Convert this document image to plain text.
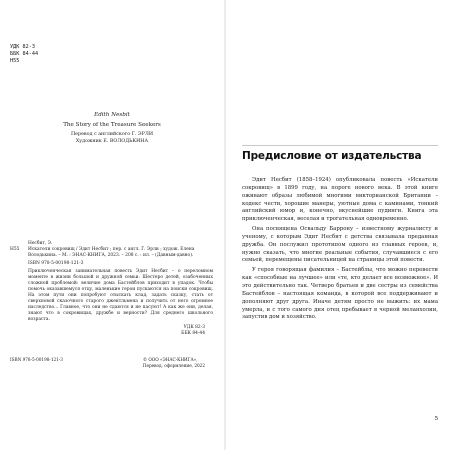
УДК 82-3
ББК 84-44
Н55
Edith Nesbit
The Story of the Treasure Seekers
Перевод с английского Г. ЭРЛИ
Художник Е. ВОЛОДЬКИНА
Несбит, Э.
Н55	Искатели сокровищ / Эдит Несбит ; пер. с англ. Г. Эрли ; худож. Елена Володькина. – М. : ЭНАС-КНИГА, 2023. – 208 с. : ил. – (Давным-давно).
ISBN 978-5-00198-121-3
Приключенческая занимательная повесть Эдит Несбит – о переломном моменте в жизни большой и дружной семьи. Шестеро детей, озабоченных сложной проблемой: величие дома Бастейблов приходит в упадок. Чтобы помочь оказавшемуся отцу, маленькие герои пускаются на поиски сокровищ. На этом пути они попробуют отыскать клад, задать сказку, стать от сверхновой сказочного старого джентльмена и получить от него огромное наследство... Главное, что они не сдаются и не пасуют! А как же они, делая, знают что в сокровищах, дружбе и верности? Для среднего школьного возраста.
УДК 82-3
ББК 84-44
ISBN 978-5-00198-121-3	© ООО «ЭНАС-КНИГА»,
Перевод, оформление, 2022
Предисловие от издательства

Эдит Несбит (1858–1924) опубликовала повесть «Искатели сокровищ» в 1899 году, на пороге нового века. В этой книге оживают образы любимой многими викторианской Британии – кодекс чести, хорошие манеры, уютные дома с каминами, тонкий английский юмор и, конечно, вкуснейшие пудинги. Книга эта приключенческая, веселая и трогательная одновременно.

Она посвящена Освальду Баррону – известному журналисту и ученому, с которым Эдит Несбит с детства связывала преданная дружба. Он послужил прототипом одного из главных героев, и, нужно сказать, что многие реальные события, случавшиеся с его семьей, перемещены писательницей на страницы этой повести.

У героя говорящая фамилия – Бастейблы, что можно перевести как «способные на лучшее» или «те, кто делает все возможное». И это действительно так. Четверо братьев и две сестры из семейства Бастейблов – настоящая команда, в которой все поддерживают и дополняют друг друга. Иначе детям просто не выжить: их мама умерла, и с того самого дня отец пребывает в черной меланхолии, запустив дом и хозяйство.

5
